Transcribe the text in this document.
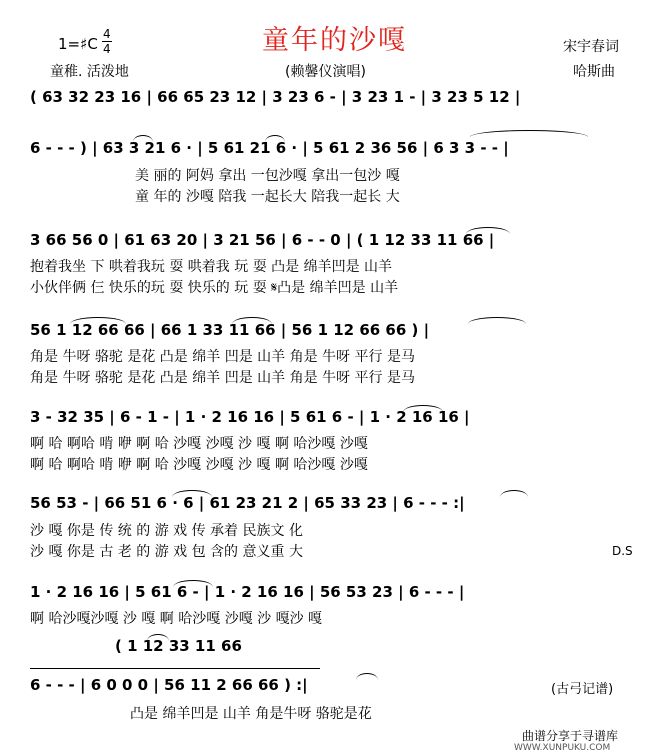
1=♯C
4
4	童年的沙嘎	宋宇春词
童稚. 活泼地	(赖馨仪演唱)	哈斯曲
( 63 32 23 16 | 66 65 23 12 | 3 23 6 - | 3 23 1 - | 3 23 5 12 |
6 - - - ) | 63 3 21 6 · | 5 61 21 6 · | 5 61 2 36 56 | 6 3 3 - - |
美 丽的 阿妈 拿出 一包沙嘎 拿出一包沙 嘎
童 年的 沙嘎 陪我 一起长大 陪我一起长 大
3 66 56 0 | 61 63 20 | 3 21 56 | 6 - - 0 | ( 1 12 33 11 66 |
抱着我坐 下 哄着我玩 耍 哄着我 玩 耍 凸是 绵羊凹是 山羊
小伙伴俩 仨 快乐的玩 耍 快乐的 玩 耍 𝄋凸是 绵羊凹是 山羊
56 1 12 66 66 | 66 1 33 11 66 | 56 1 12 66 66 ) |
角是 牛呀 骆驼 是花 凸是 绵羊 凹是 山羊 角是 牛呀 平行 是马
角是 牛呀 骆驼 是花 凸是 绵羊 凹是 山羊 角是 牛呀 平行 是马
3 - 32 35 | 6 - 1 - | 1 · 2 16 16 | 5 61 6 - | 1 · 2 16 16 |
啊 哈 啊哈 啃 咿 啊 哈 沙嘎 沙嘎 沙 嘎 啊 哈沙嘎 沙嘎
啊 哈 啊哈 啃 咿 啊 哈 沙嘎 沙嘎 沙 嘎 啊 哈沙嘎 沙嘎
56 53 - | 66 51 6 · 6 | 61 23 21 2 | 65 33 23 | 6 - - - :|
沙 嘎 你是 传 统 的 游 戏 传 承着 民族文 化
沙 嘎 你是 古 老 的 游 戏 包 含的 意义重 大	D.S
1 · 2 16 16 | 5 61 6 - | 1 · 2 16 16 | 56 53 23 | 6 - - - |
啊 哈沙嘎沙嘎 沙 嘎 啊 哈沙嘎 沙嘎 沙 嘎沙 嘎
( 1 12 33 11 66
6 - - - | 6 0 0 0 | 56 11 2 66 66 ) :|
凸是 绵羊凹是 山羊 角是牛呀 骆驼是花
(古弓记谱)
曲谱分享于寻谱库
WWW.XUNPUKU.COM
